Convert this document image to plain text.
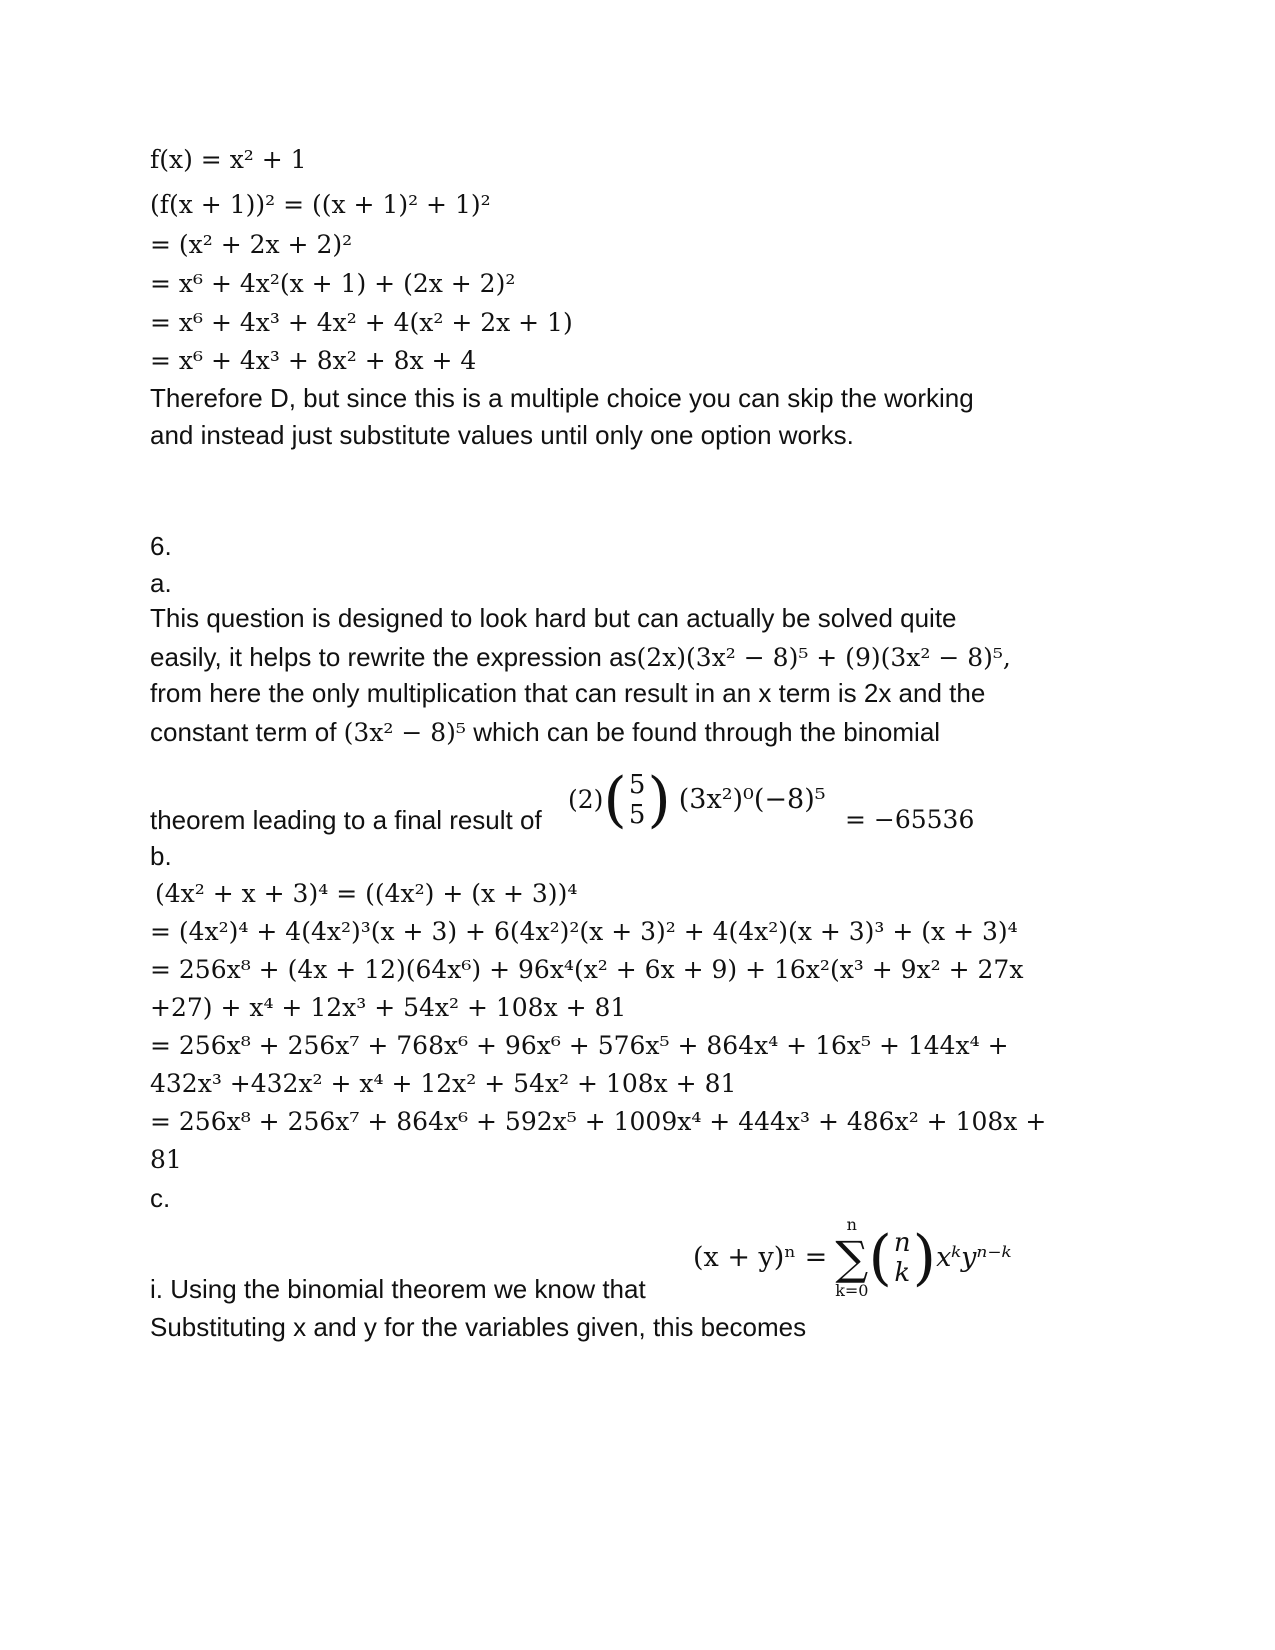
f(x) = x² + 1
(f(x + 1))² = ((x + 1)² + 1)²
= (x² + 2x + 2)²
= x⁶ + 4x²(x + 1) + (2x + 2)²
= x⁶ + 4x³ + 4x² + 4(x² + 2x + 1)
= x⁶ + 4x³ + 8x² + 8x + 4
Therefore D, but since this is a multiple choice you can skip the working
and instead just substitute values until only one option works.
6.
a.
This question is designed to look hard but can actually be solved quite
easily, it helps to rewrite the expression as(2x)(3x² − 8)⁵ + (9)(3x² − 8)⁵,
from here the only multiplication that can result in an x term is 2x and the
constant term of (3x² − 8)⁵ which can be found through the binomial
theorem leading to a final result of
(2)( 5
5 ) (3x²)⁰(−8)⁵
= −65536
b.
(4x² + x + 3)⁴ = ((4x²) + (x + 3))⁴
= (4x²)⁴ + 4(4x²)³(x + 3) + 6(4x²)²(x + 3)² + 4(4x²)(x + 3)³ + (x + 3)⁴
= 256x⁸ + (4x + 12)(64x⁶) + 96x⁴(x² + 6x + 9) + 16x²(x³ + 9x² + 27x
+27) + x⁴ + 12x³ + 54x² + 108x + 81
= 256x⁸ + 256x⁷ + 768x⁶ + 96x⁶ + 576x⁵ + 864x⁴ + 16x⁵ + 144x⁴ +
432x³ +432x² + x⁴ + 12x² + 54x² + 108x + 81
= 256x⁸ + 256x⁷ + 864x⁶ + 592x⁵ + 1009x⁴ + 444x³ + 486x² + 108x +
81
c.
(x + y)ⁿ =
n
∑
k=0 ( n
k )xᵏyⁿ⁻ᵏ
i. Using the binomial theorem we know that
Substituting x and y for the variables given, this becomes
